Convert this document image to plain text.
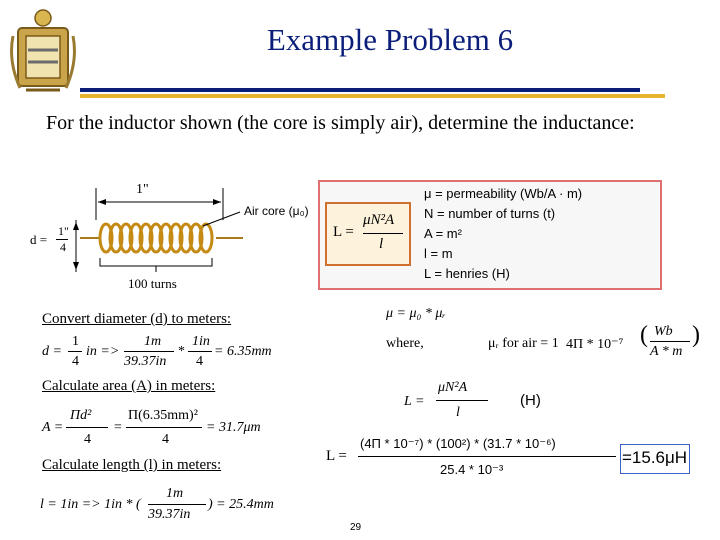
Example Problem 6
For the inductor shown (the core is simply air), determine the inductance:
1"
d =
1"
4
Air core (μ₀)
100 turns
L =
μN²A
l
μ = permeability (Wb/A · m)
N = number of turns (t)
A = m²
l = m
L = henries (H)
Convert diameter (d) to meters:
Calculate area (A) in meters:
Calculate length (l) in meters:
d =
1
4
in =>
1m
39.37in
*
1in
4
= 6.35mm
A =
Πd²
4
=
Π(6.35mm)²
4
= 31.7μm
l = 1in => 1in * (
1m
39.37in
) = 25.4mm
μ = μ₀ * μᵣ
where,	μᵣ for air = 1 4Π * 10⁻⁷ ( Wb
A * m
)
L =
μN²A
l
(H)
L =
(4Π * 10⁻⁷) * (100²) * (31.7 * 10⁻⁶)
25.4 * 10⁻³
=15.6μH
29
